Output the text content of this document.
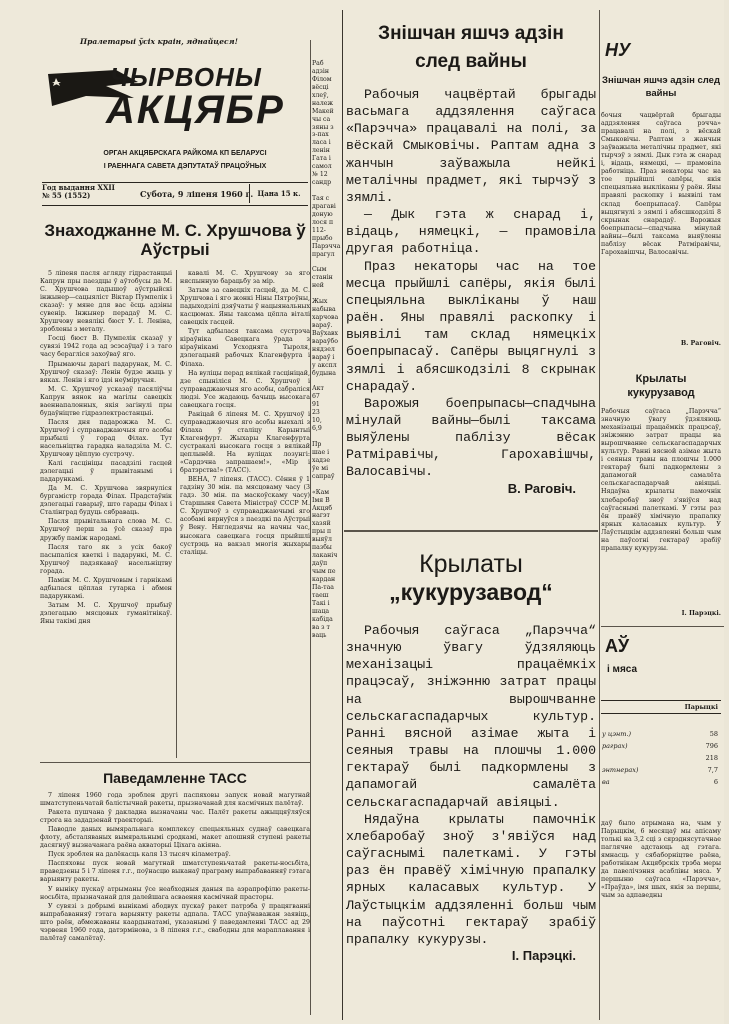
Пралетарыі ўсіх краін, яднайцеся!
ЧЫРВОНЫ
АКЦЯБР
ОРГАН АКЦЯБРСКАГА РАЙКОМА КП БЕЛАРУСІ
І РАЕННАГА САВЕТА ДЭПУТАТАЎ ПРАЦОЎНЫХ
Год выдання XXII
№ 55 (1552)	Субота, 9 ліпеня 1960 г. Цана 15 к.
Знаходжанне М. С. Хрушчова ў Аўстрыі

5 ліпеня пасля агляду гідрастанцыі Капрун пры паездцы ў аўтобусы да М. С. Хрушчова падышоў аўстрыйскі інжынер—сацыяліст Віктар Пумпелік і сказаў: у мяне для вас ёсць адзіны сувенір. Інжынер перадаў М. С. Хрушчову невялікі бюст У. І. Леніна, зроблены з металу.

Госці бюст В. Пумпелік сказаў у сувязі 1942 года ад эсэсаўцаў і з таго часу берагліся захоўваў яго.

Прымаючы дарагі падарунак, М. С. Хрушчоў сказаў: Ленін будзе жыць у вяках. Ленін і яго ідэі неўміручыя.

М. С. Хрушчоў усказаў пасяліўчы Капрун вянок на магілы савецкіх ваеннапалонных, якія загінулі пры будаўніцтве гідраэлектрастанцыі.

Пасля дня падарожжа М. С. Хрушчоў і суправаджаючыя яго асобы прыбылі ў горад Філах. Тут насельніцтва гарадка наладзіла М. С. Хрушчову цёплую сустрэчу.

Калі гасцініцы пасадзілі гасцей дэлегацыі ў прывітанымі і падарункамі.

Да М. С. Хрушчова звярнуліся бургамістр горада Філах. Прадстаўнік дэлегацыі гаварыў, што гарады Філах і Сталінград будуць сябраваць.

Пасля прывітальнага слова М. С. Хрушчоў перш за ўсё сказаў пра дружбу паміж народамі.

Пасля таго як з усіх бакоў пасыпаліся кветкі і падарункі, М. С. Хрушчоў падзякаваў насельніцтву горада.

Паміж М. С. Хрушчовым і гарнікамі адбылася цёплая гутарка і абмен падарункамі.

Затым М. С. Хрушчоў прыбыў дэлегацыю мясцовых гуманітнікаў. Яны такімі дня

кавалі М. С. Хрушчову за яго няспынную барацьбу за мір.

Затым за савецкіх гасцей, да М. С. Хрушчова і яго жонкі Ніны Пятроўны, падыходзілі дзяўчаты ў нацыянальных касцюмах. Яны таксама цёпла віталі савецкіх гасцей.

Тут адбылася таксама сустрэча кіраўніка Савецкага ўрада з кіраўнікамі Усходняга Тыроля, дэлегацыяй рабочых Клагенфурта і Філаха.

На вуліцы перад вялікай гасцініцай, дзе спыніліся М. С. Хрушчоў і суправаджаючыя яго асобы, сабраліся людзі. Усе жадаюць бачыць высокага савецкага госця.

Раніцай 6 ліпеня М. С. Хрушчоў і суправаджаючыя яго асобы выехалі з Філаха ў сталіцу Карынтыі Клагенфурт. Жыхары Клагенфурта сустракалі высокага госця з вялікай цеплынёй. На вуліцах лозунгі: «Сардэчна запрашаем!», «Мір і братэрства!» (ТАСС).

ВЕНА, 7 ліпеня. (ТАСС). Сёння ў 1 гадзіну 30 мін. па мясцоваму часу (3 гадз. 30 мін. па маскоўскаму часу) Старшыня Савета Міністраў СССР М. С. Хрушчоў з суправаджаючымі яго асобамі вярнуўся з паездкі па Аўстрыі ў Вену. Нягледзячы на начны час, высокага савецкага госця прыйшлі сустрэць на вакзал многія жыхары сталіцы.

Паведамленне ТАСС

7 ліпеня 1960 года зроблен другі паспяховы запуск новай магутнай шматступеньчатай балістычнай ракеты, прызначанай для касмічных палётаў.

Ракета пушчана ў дакладна вызначаны час. Палёт ракеты ажыццяўляўся строга на зададзенай траекторыі.

Паводле даных вымяральнага комплексу спецыяльных суднаў савецкага флоту, абсталяваных вымяральнымі сродкамі, макет апошняй ступені ракеты дасягнуў вызначанага раёна акваторыі Ціхага акіяна.

Пуск зроблен на далёкасць каля 13 тысяч кіламетраў.

Паспяховы пуск новай магутнай шматступеньчатай ракеты-носьбіта, праведзены 5 і 7 ліпеня г.г., поўнасцю выканаў праграму выпрабаванняў гэтага варыянту ракеты.

У выніку пускаў атрыманы ўсе неабходныя даныя па аэрапрофілю ракеты-носьбіта, прызначанай для далейшага асваення касмічнай прасторы.

У сувязі з добрымі вынікамі абодвух пускаў ракет патрэба ў працягванні выпрабаванняў гэтага варыянту ракеты адпала. ТАСС упаўнаважан заявіць, што раён, абмежаваны каардынатамі, указанымі ў паведамленні ТАСС ад 29 чэрвеня 1960 года, датэрмінова, з 8 ліпеня г.г., свабодны для мараплавання і палётаў самалётаў.

Раб
адзін
Філом
вёсці
хлеў,
належ
Макей
чы са
зяны з
з-пах
ласа і
ленін
Гата і
самол
№ 12
сандр

Тая с
драгаві
доную
лося п
112-
прыбо
Парэчча
прагул

Сым
станін
ней

Жых
набыва
харчова
вараў.
Ваўхавх
вараўбо
нядзел
вараў і
у акспл
будына

Акт
67
91
23
10,
6,9

Пр
шае і
хадзе
ўе мі
сапраў

«Кам
Імя В
Акцяб
нагэт
хазяй
пры п
выяўл
пазбы
лаканіч
даўп
чым пе
кардан
Па-таа
таеш
Такі і
шаца
кабіда
ва з т
ваць
Знішчан яшчэ адзін
след вайны

Рабочыя чацвёртай брыгады васьмага аддзялення саўгаса «Парэчча» працавалі на полі, за вёскай Смыковічы. Раптам адна з жанчын заўважыла нейкі металічны прадмет, які тырчэў з зямлі.

— Дык гэта ж снарад і, відаць, нямецкі, — прамовіла другая работніца.

Праз некаторы час на тое месца прыйшлі сапёры, якія былі спецыяльна выкліканы ў наш раён. Яны правялі раскопку і выявілі там склад нямецкіх боепрыпасаў. Сапёры выцягнулі з зямлі і абясшкодзілі 8 скрынак снарадаў.

Варожыя боепрыпасы—спадчына мінулай вайны—былі таксама выяўлены паблізу вёсак Ратміравічы, Гарохавішчы, Валосавічы.

В. Раговіч.
Крылаты
„кукурузавод“

Рабочыя саўгаса „Парэчча“ значную ўвагу ўдзяляюць механізацыі працаёмкіх працэсаў, зніжэнню затрат працы на вырошчванне сельскагаспадарчых культур. Ранні вясной азімае жыта і сеяныя травы на плошчы 1.000 гектараў былі падкормлены з дапамогай самалёта сельскагаспадарчай авіяцыі.

Нядаўна крылаты памочнік хлебаробаў зноў з'явіўся над саўгаснымі палеткамі. У гэты раз ён правёў хімічную прапалку ярных каласавых культур. У Лаўстыцкім аддзяленні больш чым на паўсотні гектараў зрабіў прапалку кукурузы.

І. Парэцкі.
НУ
Знішчан яшчэ адзін след вайны
бочыя чацвёртай брыгады аддзялення саўгаса рэчча» працавалі на полі, з вёскай Смыковічы. Раптам з жанчын заўважыла металічны прадмет, які тырчэў з зямлі. Дык гэта ж снарад і, відаць, нямецкі, — прамовіла работніца. Праз некаторы час на тое прыйшлі сапёры, якія спецыяльна выкліканы ў раён. Яны правялі раскопку і выявілі там склад боепрыпасаў. Сапёры выцягнулі з зямлі і абясшкодзілі 8 скрынак снарадаў. Варожыя боепрыпасы—спадчына мінулай вайны—былі таксама выяўлены паблізу вёсак Ратміравічы, Гарохавішчы, Валосавічы.
В. Раговіч.
Крылаты кукурузавод
Рабочыя саўгаса „Парэчча“ значную ўвагу ўдзяляюць механізацыі працаёмкіх працэсаў, зніжэнню затрат працы на вырошчванне сельскагаспадарчых культур. Ранні вясной азімае жыта і сеяныя травы на плошчы 1.000 гектараў былі падкормлены з дапамогай самалёта сельскагаспадарчай авіяцыі. Нядаўна крылаты памочнік хлебаробаў зноў з'явіўся над саўгаснымі палеткамі. У гэты раз ён правёў хімічную прапалку ярных каласавых культур. У Лаўстыцкім аддзяленні больш чым на паўсотні гектараў зрабіў прапалку кукурузы.
І. Парэцкі.
АЎ
і мяса
	Парыцкі
у цэнт.)	58
раграх)	796
	218
энтнерах)	7,7
ва	6
даў было атрымана на, чым у Парыцкім, 6 месяцаў мы апісаму толькі на 3,2 сці з сярэднясутачнае паглячне адстаюць ад гэтага. ямнасць у сябаборніцтве раёна, работнікам Акцябрскіх трэба меры да павелічэння асаблівы мяса. У першыню саўгаса «Парэчча», «Праўда», імя шых, якія за першы, чым за адпаведны
